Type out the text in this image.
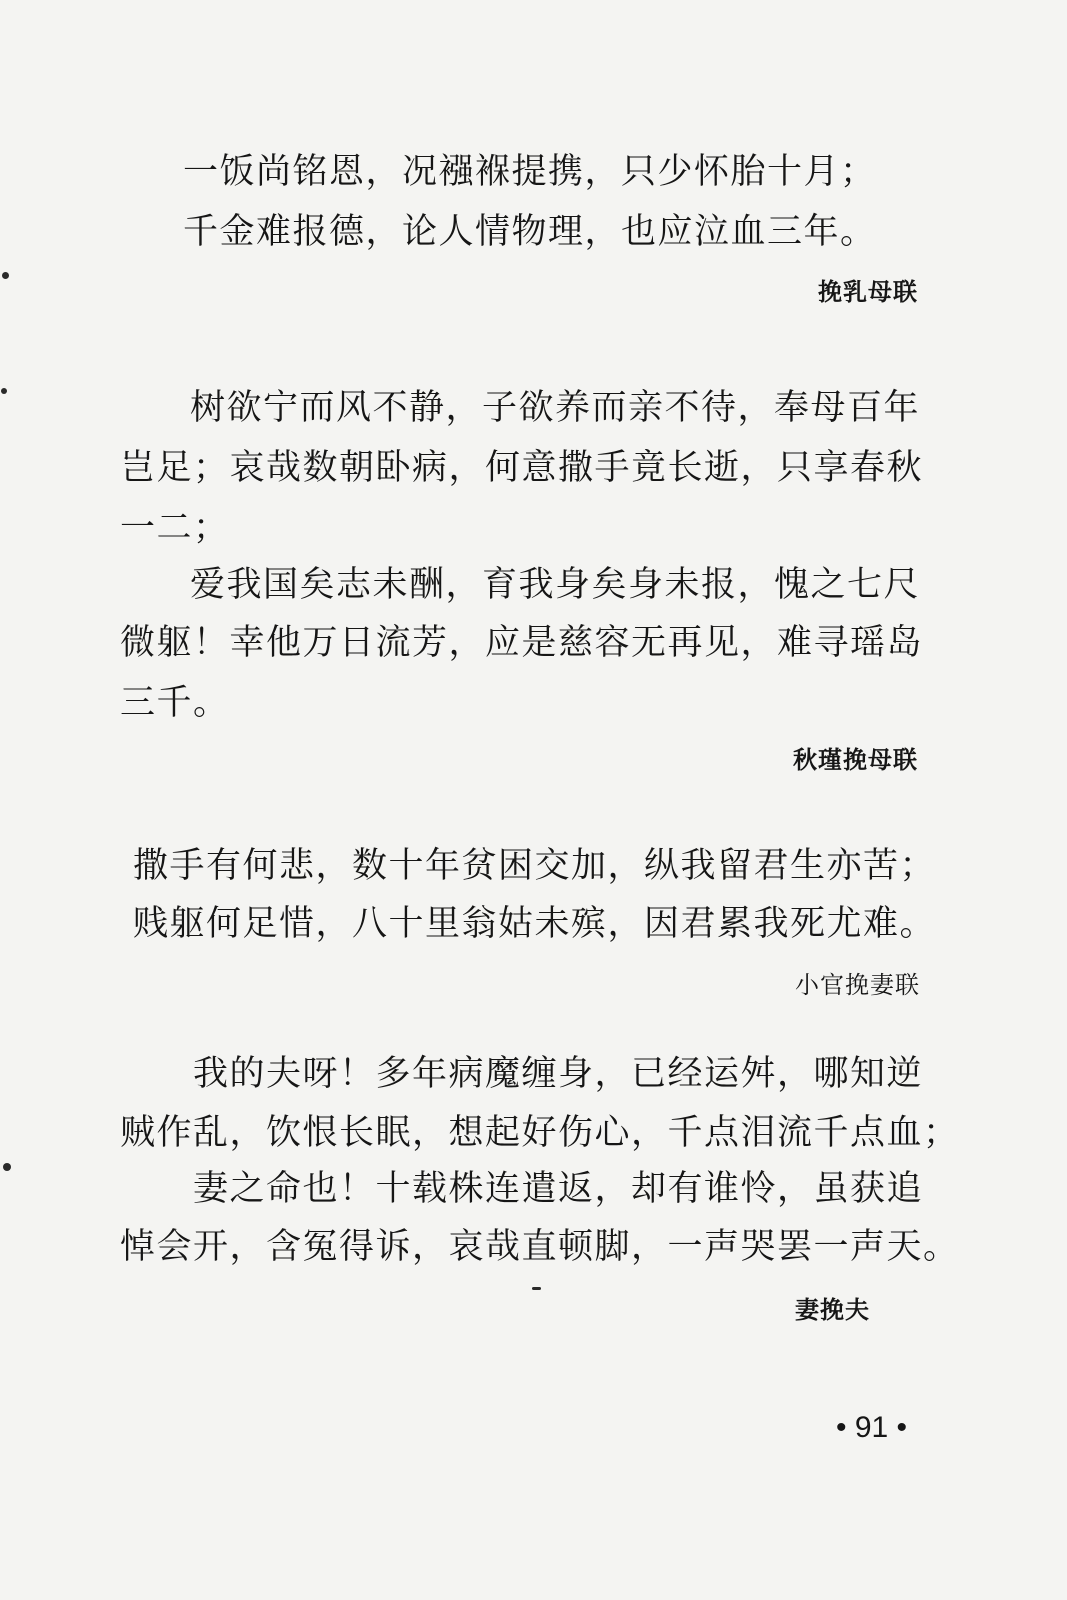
一饭尚铭恩，况襁褓提携，只少怀胎十月；

千金难报德，论人情物理，也应泣血三年。

挽乳母联

树欲宁而风不静，子欲养而亲不待，奉母百年

岂足；哀哉数朝卧病，何意撒手竟长逝，只享春秋

一二；

爱我国矣志未酬，育我身矣身未报，愧之七尺

微躯！幸他万日流芳，应是慈容无再见，难寻瑶岛

三千。

秋瑾挽母联

撒手有何悲，数十年贫困交加，纵我留君生亦苦；

贱躯何足惜，八十里翁姑未殡，因君累我死尤难。

小官挽妻联

我的夫呀！多年病魔缠身，已经运舛，哪知逆

贼作乱，饮恨长眠，想起好伤心，千点泪流千点血；

妻之命也！十载株连遣返，却有谁怜，虽获追

悼会开，含冤得诉，哀哉直顿脚，一声哭罢一声天。

妻挽夫

• 91 •
